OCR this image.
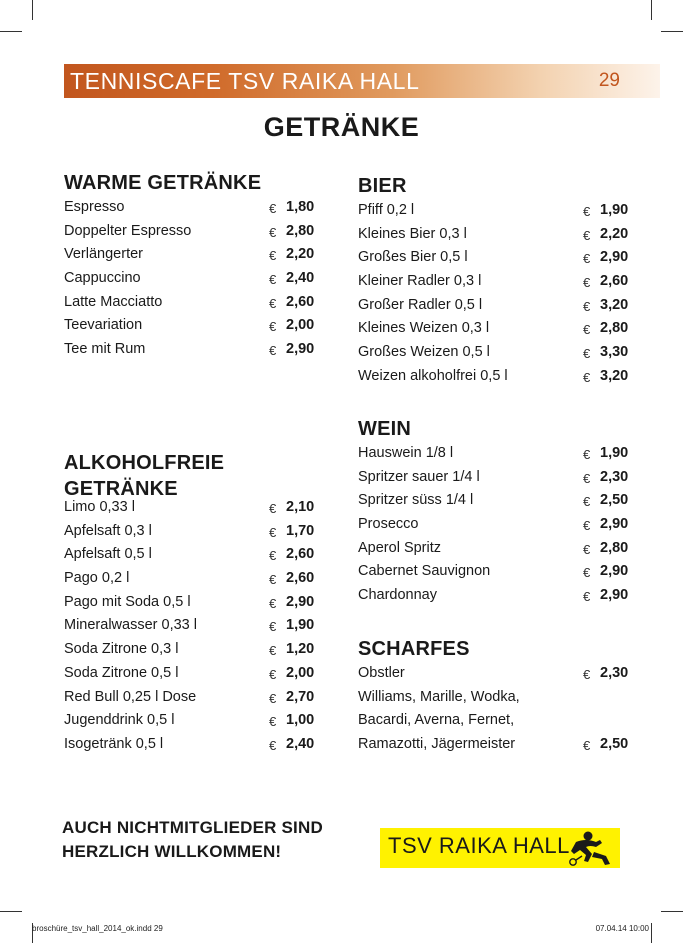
TENNISCAFE TSV RAIKA HALL	29
GETRÄNKE
WARME GETRÄNKE
Espresso	€ 1,80
Doppelter Espresso	€ 2,80
Verlängerter	€ 2,20
Cappuccino	€ 2,40
Latte Macciatto	€ 2,60
Teevariation	€ 2,00
Tee mit Rum	€ 2,90
ALKOHOLFREIE GETRÄNKE
Limo 0,33 l	€ 2,10
Apfelsaft 0,3 l	€ 1,70
Apfelsaft 0,5 l	€ 2,60
Pago 0,2 l	€ 2,60
Pago mit Soda 0,5 l	€ 2,90
Mineralwasser 0,33 l	€ 1,90
Soda Zitrone 0,3 l	€ 1,20
Soda Zitrone 0,5 l	€ 2,00
Red Bull 0,25 l Dose	€ 2,70
Jugenddrink 0,5 l	€ 1,00
Isogetränk 0,5 l	€ 2,40
BIER
Pfiff 0,2 l	€ 1,90
Kleines Bier 0,3 l	€ 2,20
Großes Bier 0,5 l	€ 2,90
Kleiner Radler 0,3 l	€ 2,60
Großer Radler 0,5 l	€ 3,20
Kleines Weizen 0,3 l	€ 2,80
Großes Weizen 0,5 l	€ 3,30
Weizen alkoholfrei 0,5 l	€ 3,20
WEIN
Hauswein 1/8 l	€ 1,90
Spritzer sauer 1/4 l	€ 2,30
Spritzer süss 1/4 l	€ 2,50
Prosecco	€ 2,90
Aperol Spritz	€ 2,80
Cabernet Sauvignon	€ 2,90
Chardonnay	€ 2,90
SCHARFES
Obstler	€ 2,30
Williams, Marille, Wodka,
Bacardi, Averna, Fernet,
Ramazotti, Jägermeister	€ 2,50
AUCH NICHTMITGLIEDER SIND
HERZLICH WILLKOMMEN!	TSV RAIKA HALL
broschüre_tsv_hall_2014_ok.indd 29	07.04.14 10:00
